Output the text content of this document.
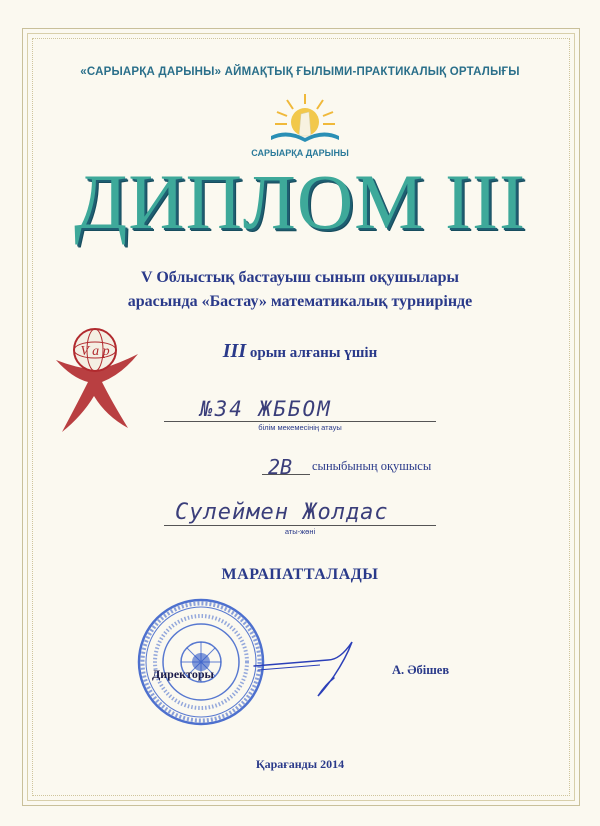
«САРЫАРҚА ДАРЫНЫ» АЙМАҚТЫҚ ҒЫЛЫМИ-ПРАКТИКАЛЫҚ ОРТАЛЫҒЫ
САРЫАРҚА ДАРЫНЫ
ДИПЛОМ III
V Облыстық бастауыш сынып оқушылары
арасында «Бастау» математикалық турнирінде
V a p	III орын алғаны үшін
№34 ЖББОМ
білім мекемесінің атауы
2В сыныбының оқушысы
Сулеймен Жолдас
аты-жөні
МАРАПАТТАЛАДЫ
Директоры	А. Әбішев
Қарағанды 2014
